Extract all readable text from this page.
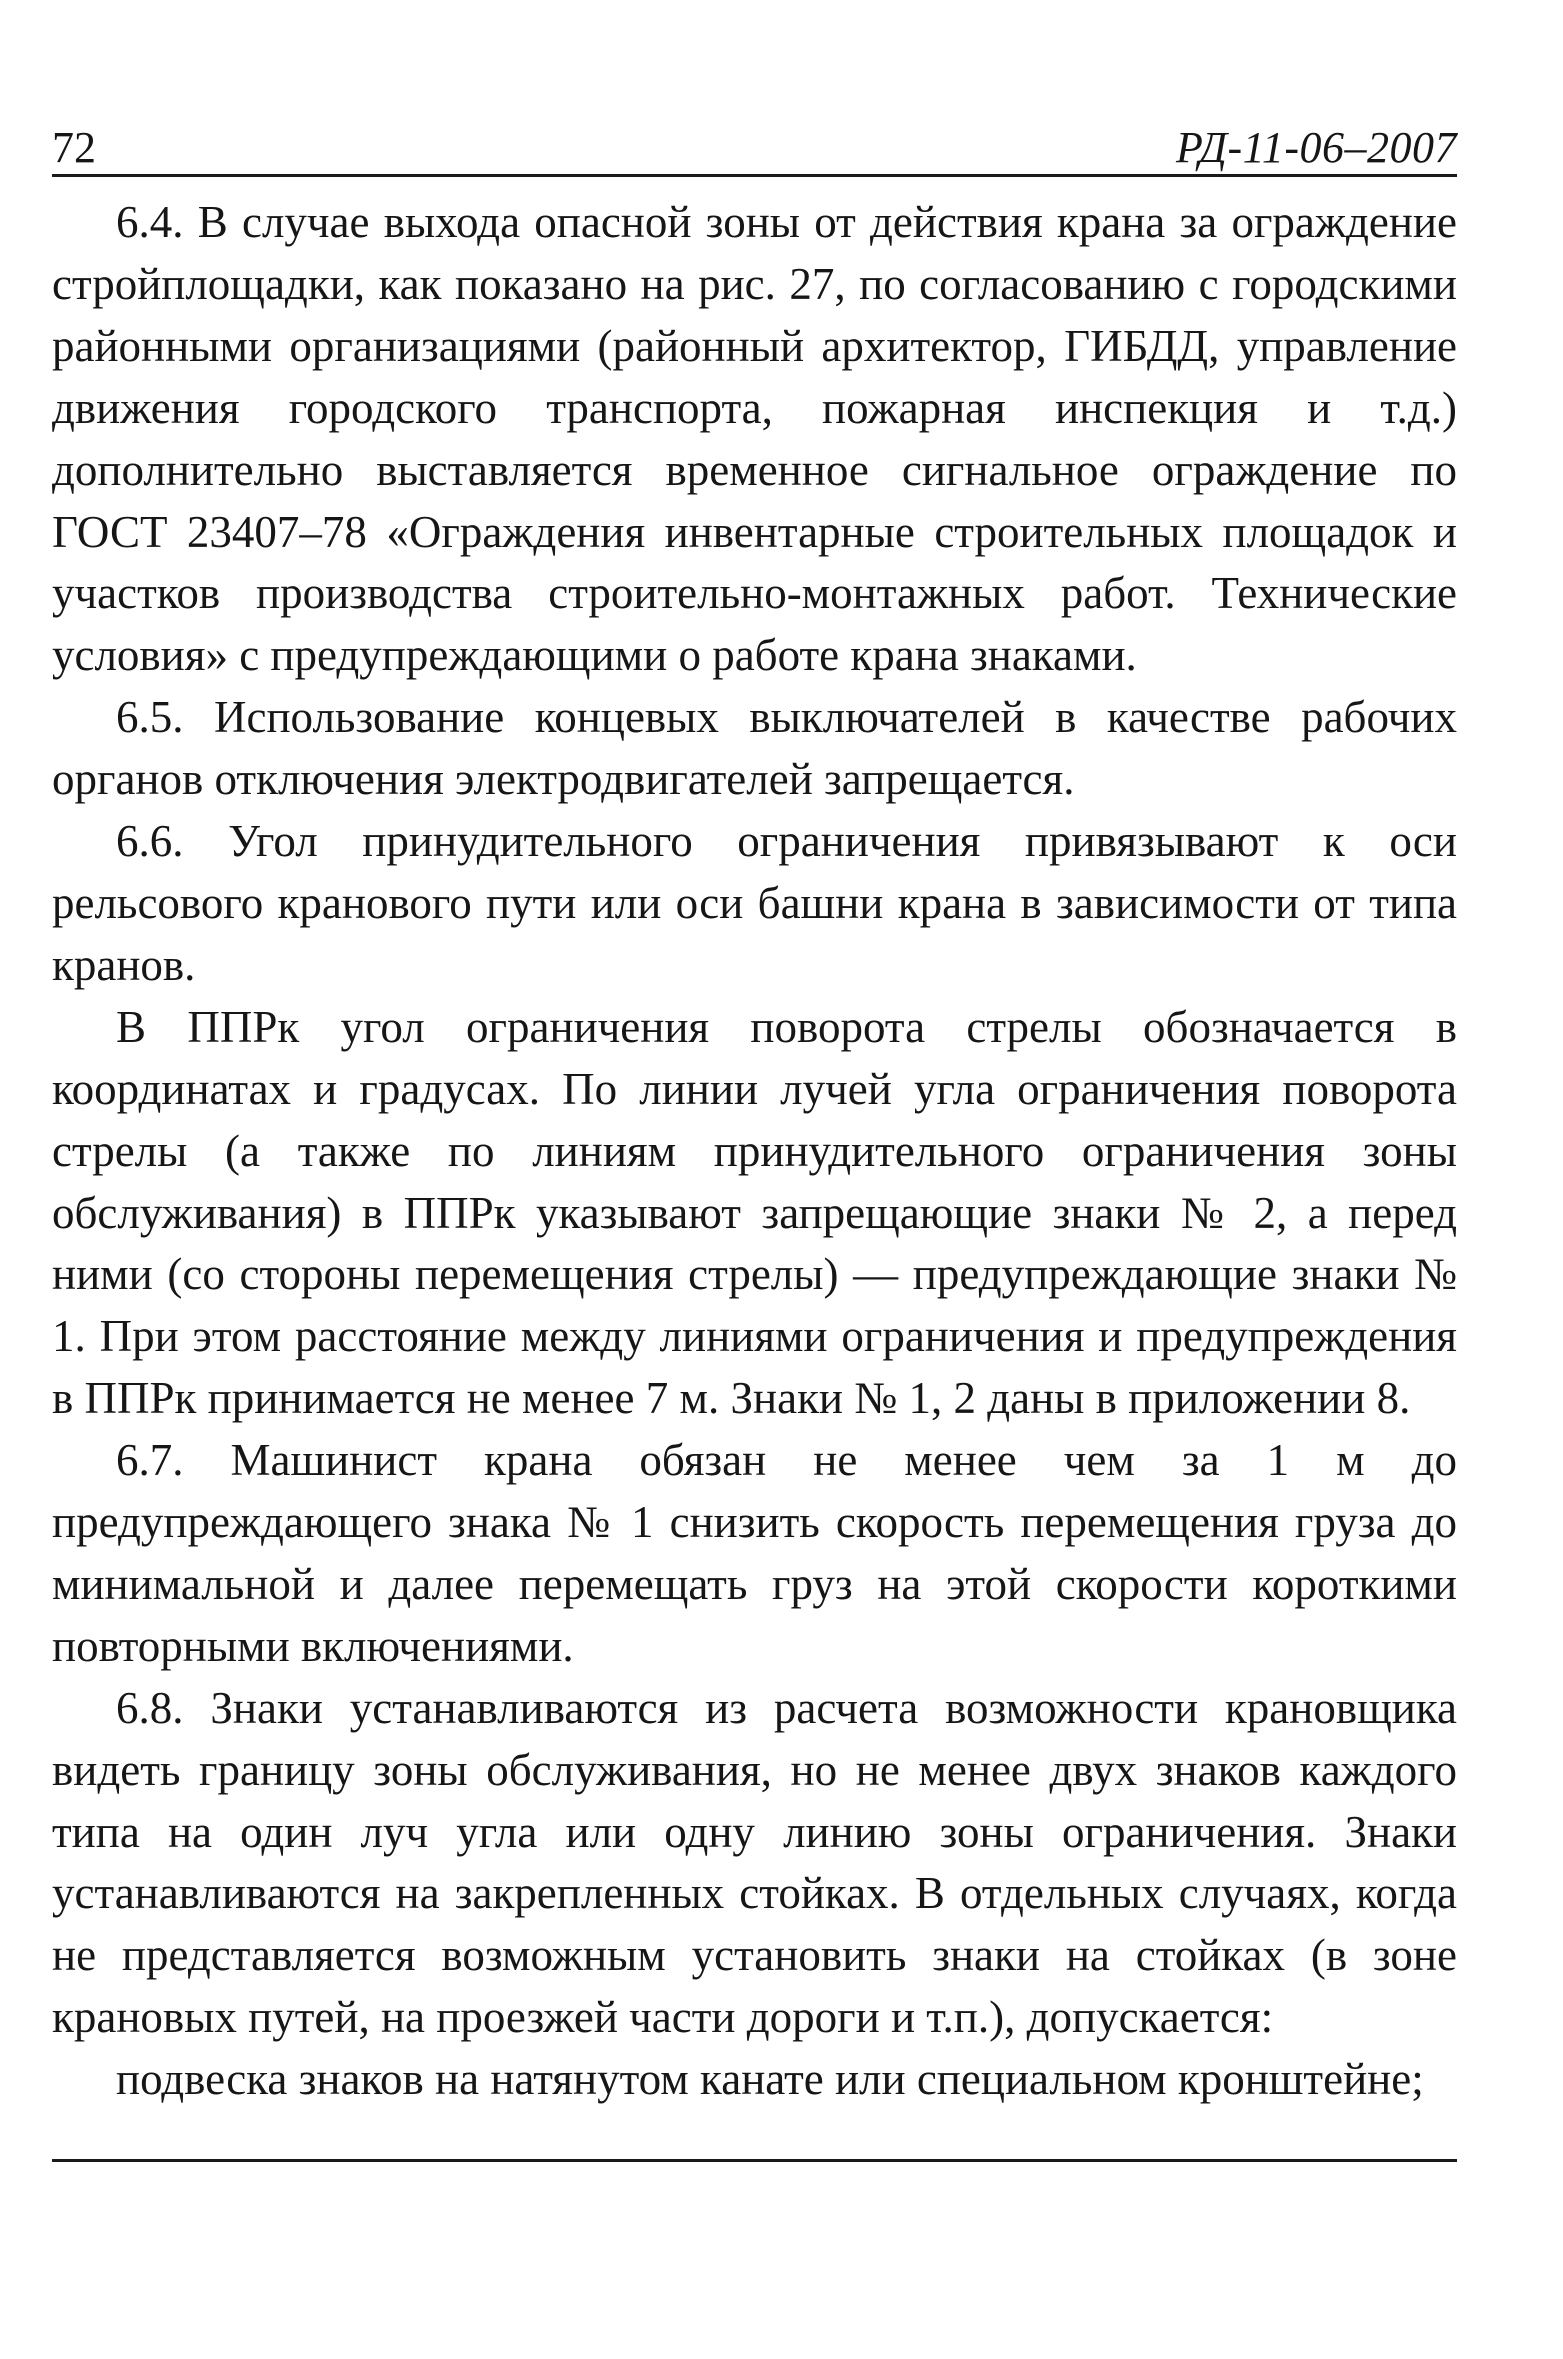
72	РД-11-06–2007

6.4. В случае выхода опасной зоны от действия крана за ограждение стройплощадки, как показано на рис. 27, по согласованию с городскими районными организациями (районный архитектор, ГИБДД, управление движения городского транспорта, пожарная инспекция и т.д.) дополнительно выставляется временное сигнальное ограждение по ГОСТ 23407–78 «Ограждения инвентарные строительных площадок и участков производства строительно-монтажных работ. Технические условия» с предупреждающими о работе крана знаками.

6.5. Использование концевых выключателей в качестве рабочих органов отключения электродвигателей запрещается.

6.6. Угол принудительного ограничения привязывают к оси рельсового кранового пути или оси башни крана в зависимости от типа кранов.

В ППРк угол ограничения поворота стрелы обозначается в координатах и градусах. По линии лучей угла ограничения поворота стрелы (а также по линиям принудительного ограничения зоны обслуживания) в ППРк указывают запрещающие знаки № 2, а перед ними (со стороны перемещения стрелы) — предупреждающие знаки № 1. При этом расстояние между линиями ограничения и предупреждения в ППРк принимается не менее 7 м. Знаки № 1, 2 даны в приложении 8.

6.7. Машинист крана обязан не менее чем за 1 м до предупреждающего знака № 1 снизить скорость перемещения груза до минимальной и далее перемещать груз на этой скорости короткими повторными включениями.

6.8. Знаки устанавливаются из расчета возможности крановщика видеть границу зоны обслуживания, но не менее двух знаков каждого типа на один луч угла или одну линию зоны ограничения. Знаки устанавливаются на закрепленных стойках. В отдельных случаях, когда не представляется возможным установить знаки на стойках (в зоне крановых путей, на проезжей части дороги и т.п.), допускается:

подвеска знаков на натянутом канате или специальном кронштейне;
